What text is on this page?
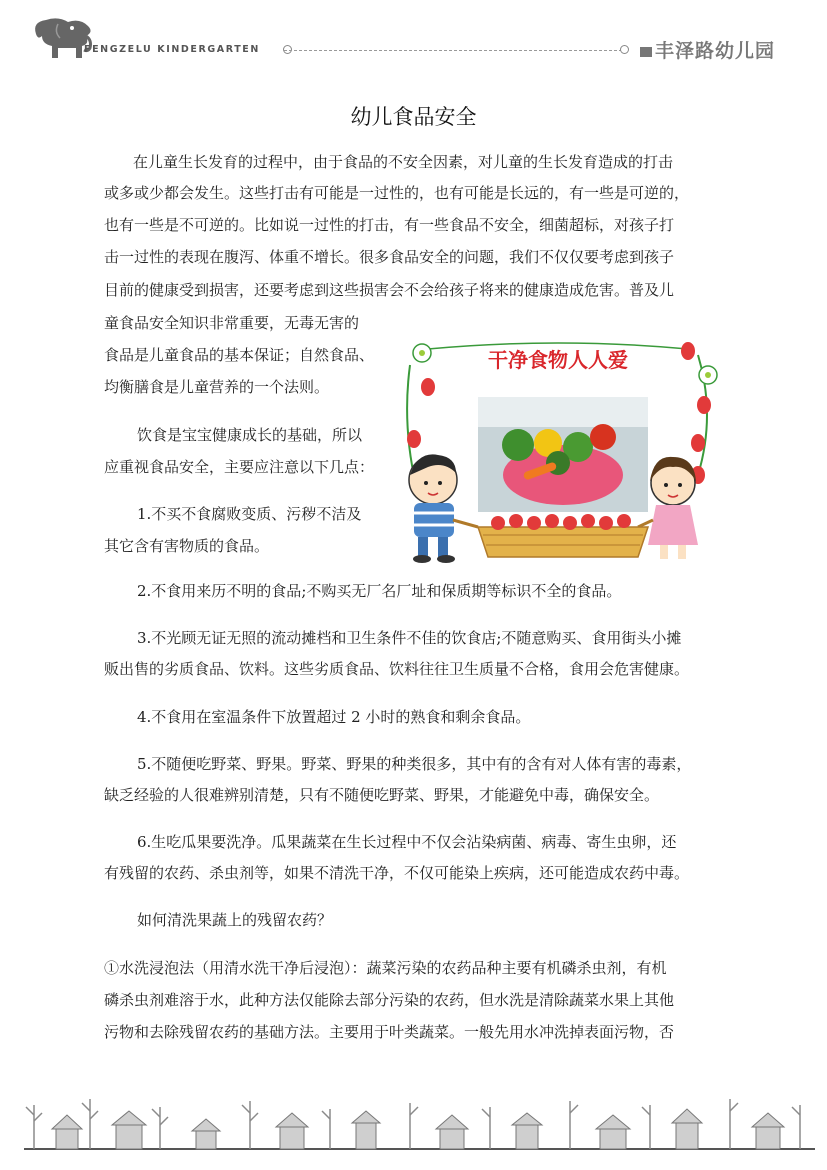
FENGZELU KINDERGARTEN	丰泽路幼儿园
幼儿食品安全
在儿童生长发育的过程中，由于食品的不安全因素，对儿童的生长发育造成的打击
或多或少都会发生。这些打击有可能是一过性的，也有可能是长远的，有一些是可逆的，
也有一些是不可逆的。比如说一过性的打击，有一些食品不安全，细菌超标，对孩子打
击一过性的表现在腹泻、体重不增长。很多食品安全的问题，我们不仅仅要考虑到孩子
目前的健康受到损害，还要考虑到这些损害会不会给孩子将来的健康造成危害。普及儿
童食品安全知识非常重要，无毒无害的
食品是儿童食品的基本保证；自然食品、
均衡膳食是儿童营养的一个法则。
饮食是宝宝健康成长的基础，所以
应重视食品安全，主要应注意以下几点：
1.不买不食腐败变质、污秽不洁及
其它含有害物质的食品。
2.不食用来历不明的食品;不购买无厂名厂址和保质期等标识不全的食品。
3.不光顾无证无照的流动摊档和卫生条件不佳的饮食店;不随意购买、食用街头小摊
贩出售的劣质食品、饮料。这些劣质食品、饮料往往卫生质量不合格，食用会危害健康。
4.不食用在室温条件下放置超过 2 小时的熟食和剩余食品。
5.不随便吃野菜、野果。野菜、野果的种类很多，其中有的含有对人体有害的毒素，
缺乏经验的人很难辨别清楚，只有不随便吃野菜、野果，才能避免中毒，确保安全。
6.生吃瓜果要洗净。瓜果蔬菜在生长过程中不仅会沾染病菌、病毒、寄生虫卵，还
有残留的农药、杀虫剂等，如果不清洗干净，不仅可能染上疾病，还可能造成农药中毒。
如何清洗果蔬上的残留农药？
①水洗浸泡法（用清水洗干净后浸泡）：蔬菜污染的农药品种主要有机磷杀虫剂，有机
磷杀虫剂难溶于水，此种方法仅能除去部分污染的农药，但水洗是清除蔬菜水果上其他
污物和去除残留农药的基础方法。主要用于叶类蔬菜。一般先用水冲洗掉表面污物，否
干净食物人人爱
